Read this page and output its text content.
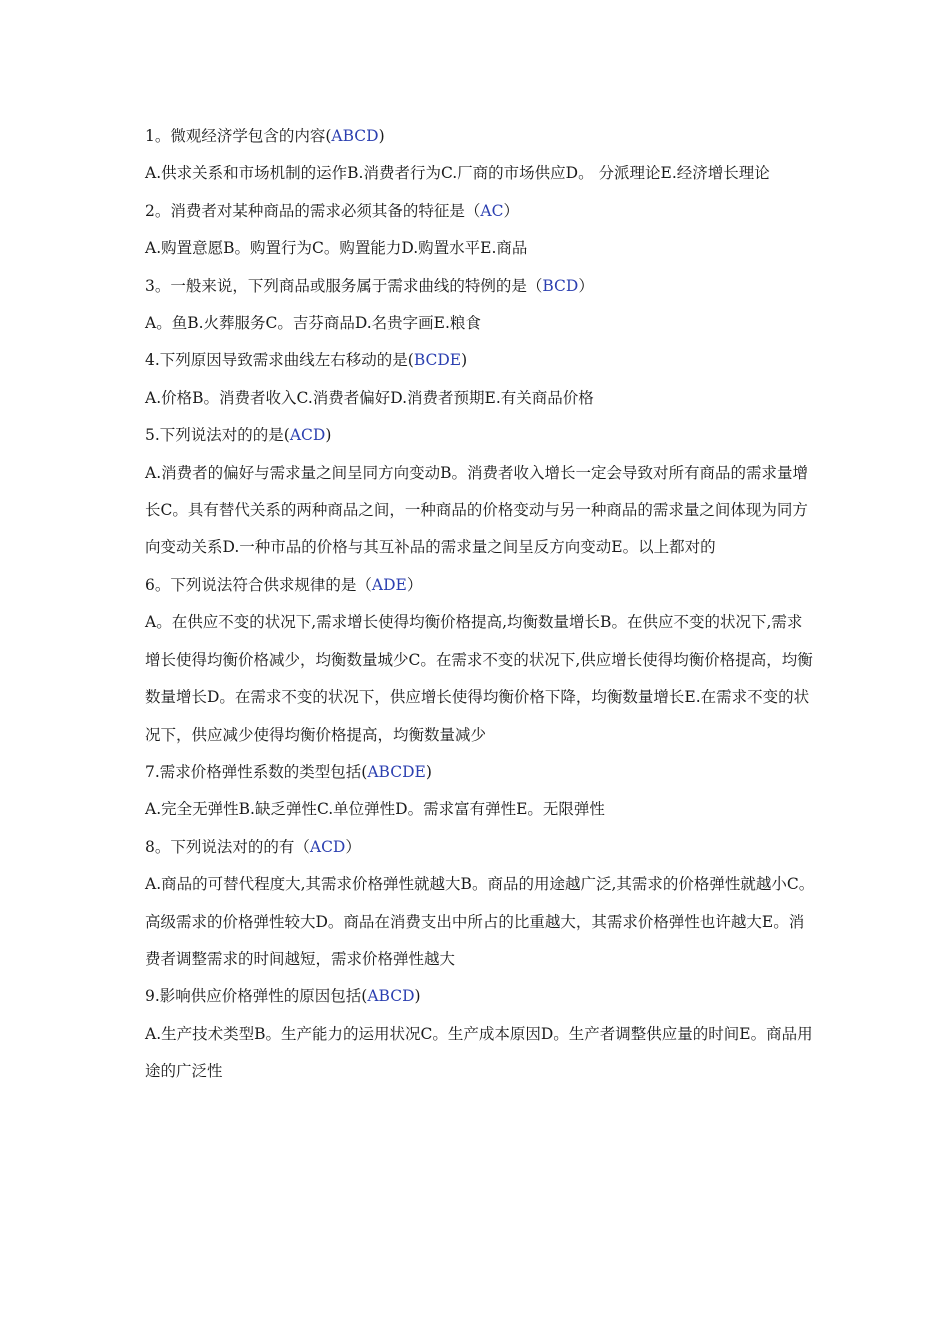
1。微观经济学包含的内容(ABCD)
A.供求关系和市场机制的运作B.消费者行为C.厂商的市场供应D。 分派理论E.经济增长理论
2。消费者对某种商品的需求必须其备的特征是（AC）
A.购置意愿B。购置行为C。购置能力D.购置水平E.商品
3。一般来说，下列商品或服务属于需求曲线的特例的是（BCD）
A。鱼B.火葬服务C。吉芬商品D.名贵字画E.粮食
4.下列原因导致需求曲线左右移动的是(BCDE)
A.价格B。消费者收入C.消费者偏好D.消费者预期E.有关商品价格
5.下列说法对的的是(ACD)
A.消费者的偏好与需求量之间呈同方向变动B。消费者收入增长一定会导致对所有商品的需求量增长C。具有替代关系的两种商品之间，一种商品的价格变动与另一种商品的需求量之间体现为同方向变动关系D.一种市品的价格与其互补品的需求量之间呈反方向变动E。以上都对的
6。下列说法符合供求规律的是（ADE）
A。在供应不变的状况下,需求增长使得均衡价格提高,均衡数量增长B。在供应不变的状况下,需求增长使得均衡价格减少，均衡数量城少C。在需求不变的状况下,供应增长使得均衡价格提高，均衡数量增长D。在需求不变的状况下，供应增长使得均衡价格下降，均衡数量增长E.在需求不变的状况下，供应减少使得均衡价格提高，均衡数量减少
7.需求价格弹性系数的类型包括(ABCDE)
A.完全无弹性B.缺乏弹性C.单位弹性D。需求富有弹性E。无限弹性
8。下列说法对的的有（ACD）
A.商品的可替代程度大,其需求价格弹性就越大B。商品的用途越广泛,其需求的价格弹性就越小C。高级需求的价格弹性较大D。商品在消费支出中所占的比重越大，其需求价格弹性也许越大E。消费者调整需求的时间越短，需求价格弹性越大
9.影响供应价格弹性的原因包括(ABCD)
A.生产技术类型B。生产能力的运用状况C。生产成本原因D。生产者调整供应量的时间E。商品用途的广泛性
